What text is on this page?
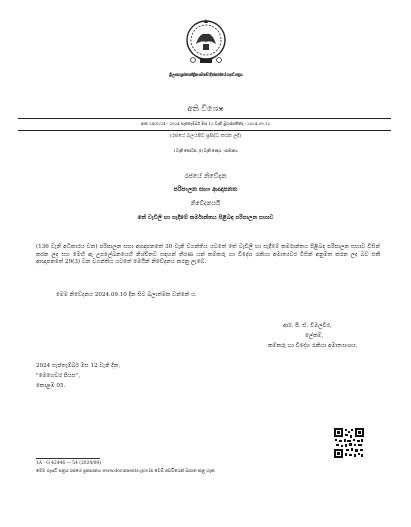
ශ්‍රී ලංකා ප්‍රජාතාන්ත්‍රික සමාජවාදී ජනරජයේ ගැසට් පත්‍රය
අති විශෙෂ
අංක 2401/24 - 2024 සැප්තැම්බර් මස 12 වැනි බ්‍රහස්පතින්දා - 2024.09.12
(රජයේ බලයපිට ප්‍රසිද්ධ කරන ලදී)
I වැනි කොටස: (I) වැනි ඡෙදය - සාමාන්‍ය
රජයේ නිවේදන
පරිපාලන සභා ආඥාපනත
නිවේදනයයි
තේ වැවිලි හා සැදීමේ කර්මාන්තය පිළිබඳ පරිපාලන සභාව
(136 වැනි අධිකාරය වන) පරිපාලන සභා ආඥාපනතේ 30 වැනි වගන්තිය යටතේ තේ වැවිලි හා සැදීමේ කර්මාන්තය පිළිබඳ පරිපාලන සභාව විසින් කරන ලද සහ මෙහි ඇ උපලේඛනයෙහි නිශ්චිතව සඳහන් තීරණ යන් කම්කරු හා විදේශ රැකියා අමාත්‍යවර විසින් අනුමත කරන ලද බව එකී ආඥාපනතේ 29(3) වන වගන්තිය යටතේ මෙයින් නිවේදනය කරනු ලැබේ.
මෙම නිවේදනය 2024.09.10 දින සිට බලාත්මක වන්නේ ය.
ආර්. පී. ඒ. විමලවීර,
ලේකම්,
කම්කරු හා විදේශ රැකියා අමාත්‍යාංශය.
2024 සැප්තැම්බර් මස 12 වැනි දින,
"මෙහෙවර පියස",
කොළඹ 05.
1A - G 42446 — 54 (2024/09)
මෙම ගැසට් පත්‍රය රජයේ ප්‍රකාශනය www.documents.gov.lk වෙබ් අඩවියෙන් බාගත කළ හැක
